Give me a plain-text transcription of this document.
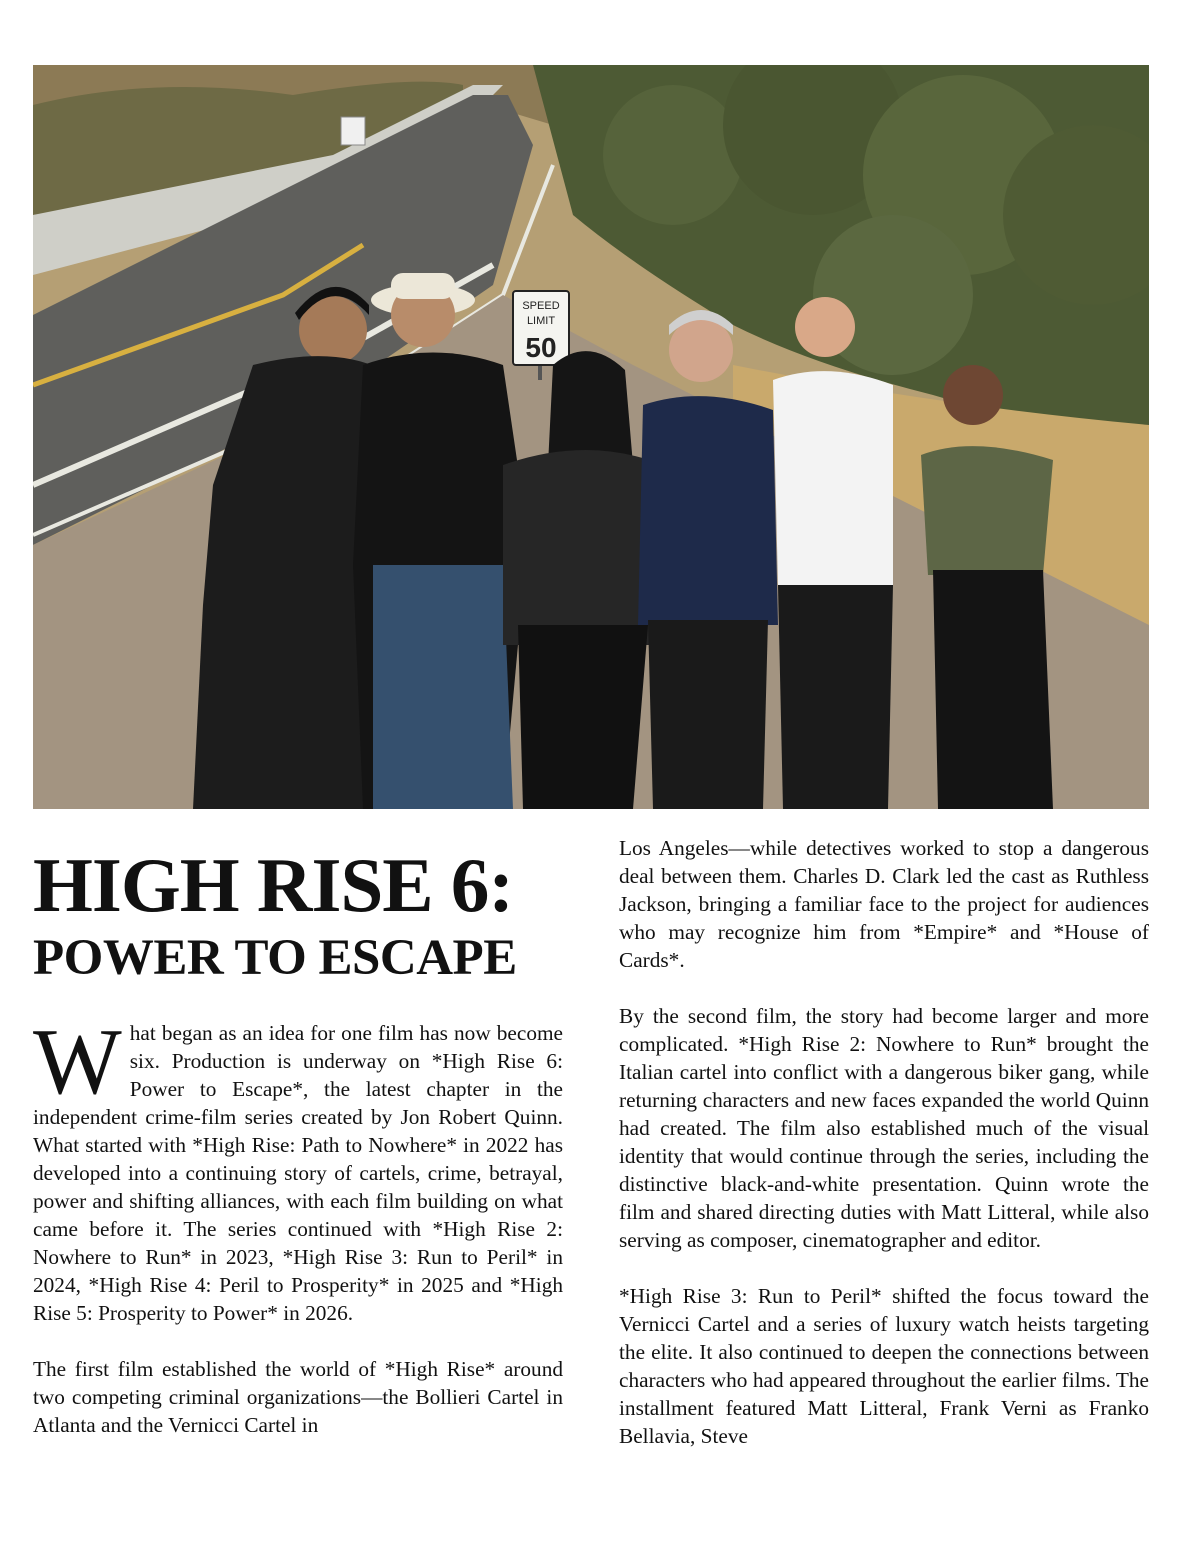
SPEED
LIMIT
50
HIGH RISE 6:
POWER TO ESCAPE

What began as an idea for one film has now become six. Production is underway on *High Rise 6: Power to Escape*, the latest chapter in the independent crime-film series created by Jon Robert Quinn. What started with *High Rise: Path to Nowhere* in 2022 has developed into a continuing story of cartels, crime, betrayal, power and shifting alliances, with each film building on what came before it. The series continued with *High Rise 2: Nowhere to Run* in 2023, *High Rise 3: Run to Peril* in 2024, *High Rise 4: Peril to Prosperity* in 2025 and *High Rise 5: Prosperity to Power* in 2026.

The first film established the world of *High Rise* around two competing criminal organizations—the Bollieri Cartel in Atlanta and the Vernicci Cartel in

Los Angeles—while detectives worked to stop a dangerous deal between them. Charles D. Clark led the cast as Ruthless Jackson, bringing a familiar face to the project for audiences who may recognize him from *Empire* and *House of Cards*.

By the second film, the story had become larger and more complicated. *High Rise 2: Nowhere to Run* brought the Italian cartel into conflict with a dangerous biker gang, while returning characters and new faces expanded the world Quinn had created. The film also established much of the visual identity that would continue through the series, including the distinctive black-and-white presentation. Quinn wrote the film and shared directing duties with Matt Litteral, while also serving as composer, cinematographer and editor.

*High Rise 3: Run to Peril* shifted the focus toward the Vernicci Cartel and a series of luxury watch heists targeting the elite. It also continued to deepen the connections between characters who had appeared throughout the earlier films. The installment featured Matt Litteral, Frank Verni as Franko Bellavia, Steve
